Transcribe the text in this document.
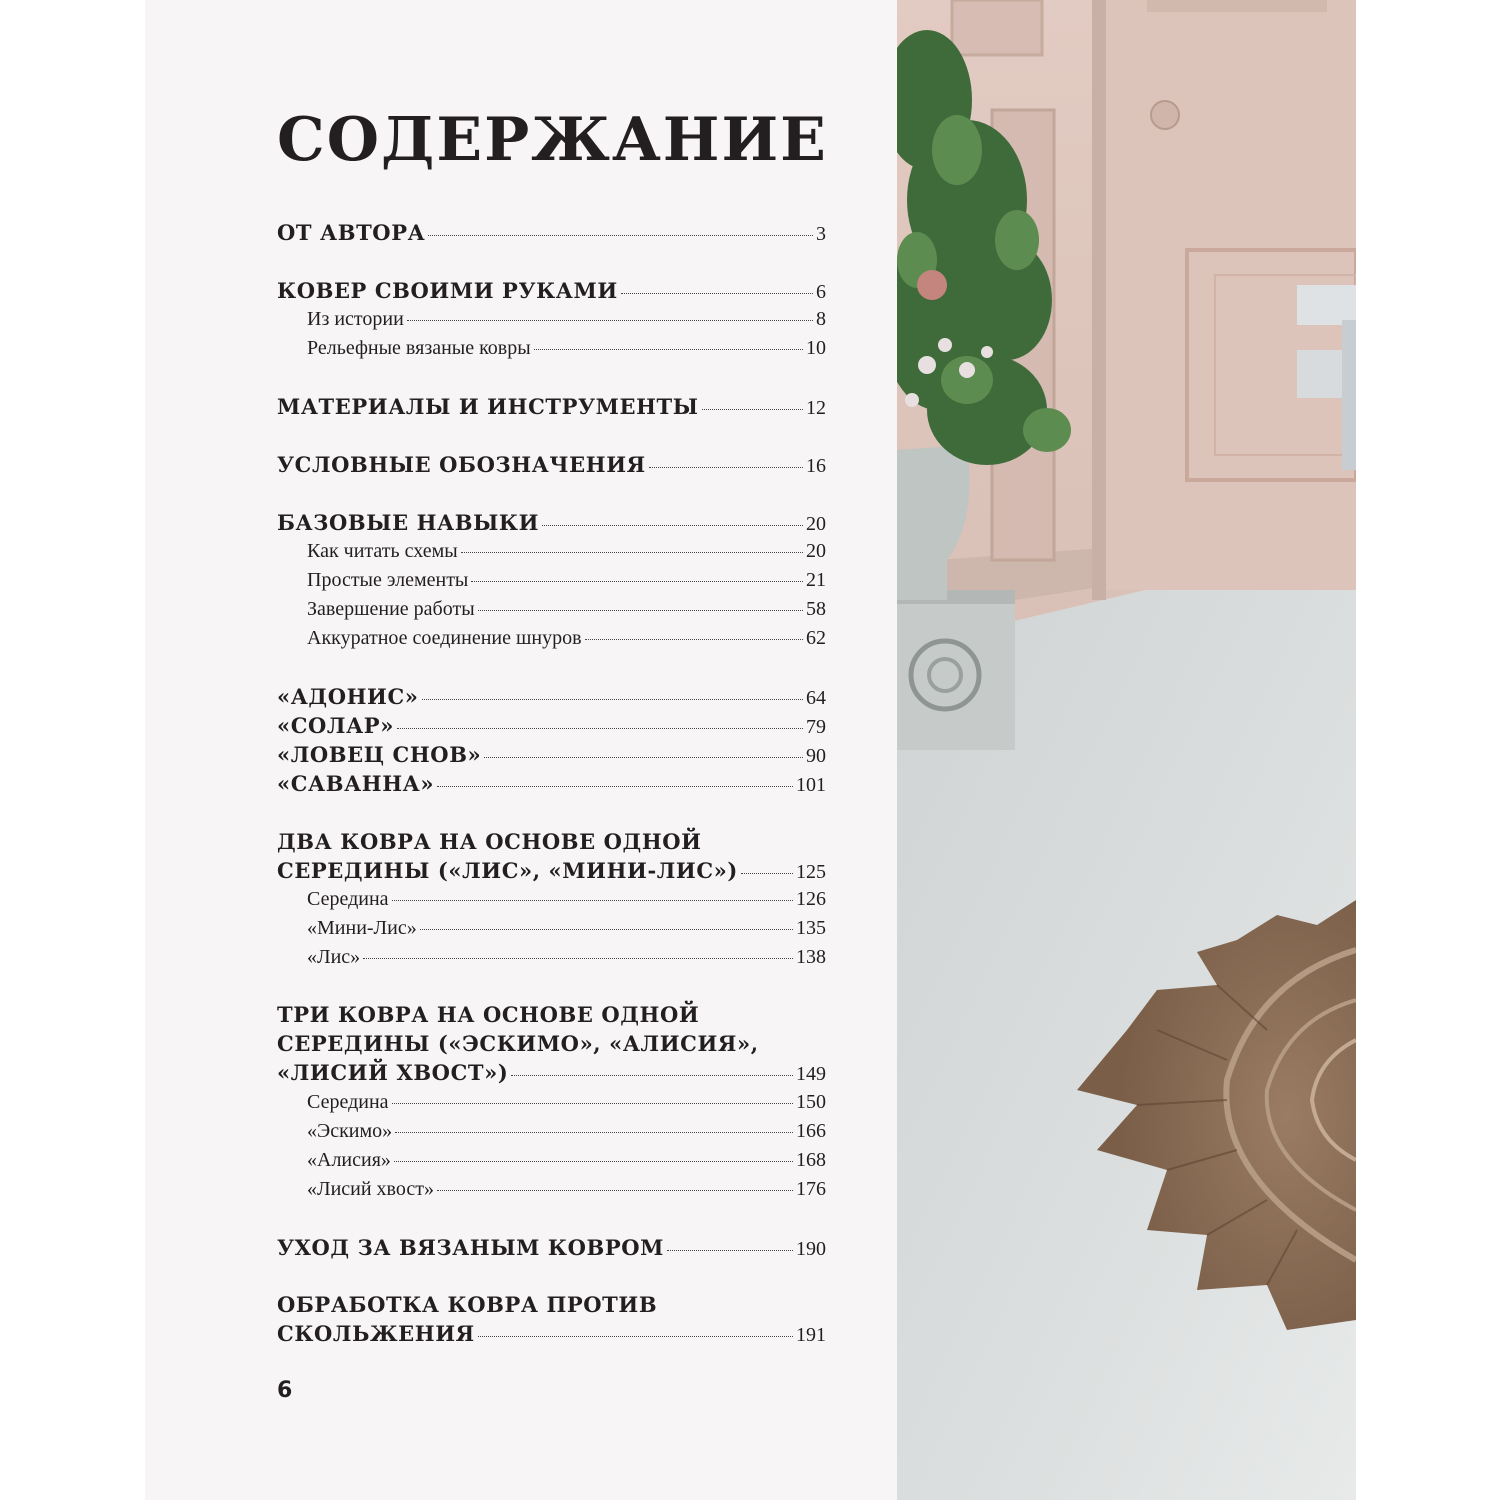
СОДЕРЖАНИЕ
ОТ АВТОРА	3
КОВЕР СВОИМИ РУКАМИ	6
Из истории	8
Рельефные вязаные ковры	10
МАТЕРИАЛЫ И ИНСТРУМЕНТЫ	12
УСЛОВНЫЕ ОБОЗНАЧЕНИЯ	16
БАЗОВЫЕ НАВЫКИ	20
Как читать схемы	20
Простые элементы	21
Завершение работы	58
Аккуратное соединение шнуров	62
«АДОНИС»	64
«СОЛАР»	79
«ЛОВЕЦ СНОВ»	90
«САВАННА»	101
ДВА КОВРА НА ОСНОВЕ ОДНОЙ
СЕРЕДИНЫ («ЛИС», «МИНИ-ЛИС»)	125
Середина	126
«Мини-Лис»	135
«Лис»	138
ТРИ КОВРА НА ОСНОВЕ ОДНОЙ
СЕРЕДИНЫ («ЭСКИМО», «АЛИСИЯ»,
«ЛИСИЙ ХВОСТ»)	149
Середина	150
«Эскимо»	166
«Алисия»	168
«Лисий хвост»	176
УХОД ЗА ВЯЗАНЫМ КОВРОМ	190
ОБРАБОТКА КОВРА ПРОТИВ
СКОЛЬЖЕНИЯ	191
6
